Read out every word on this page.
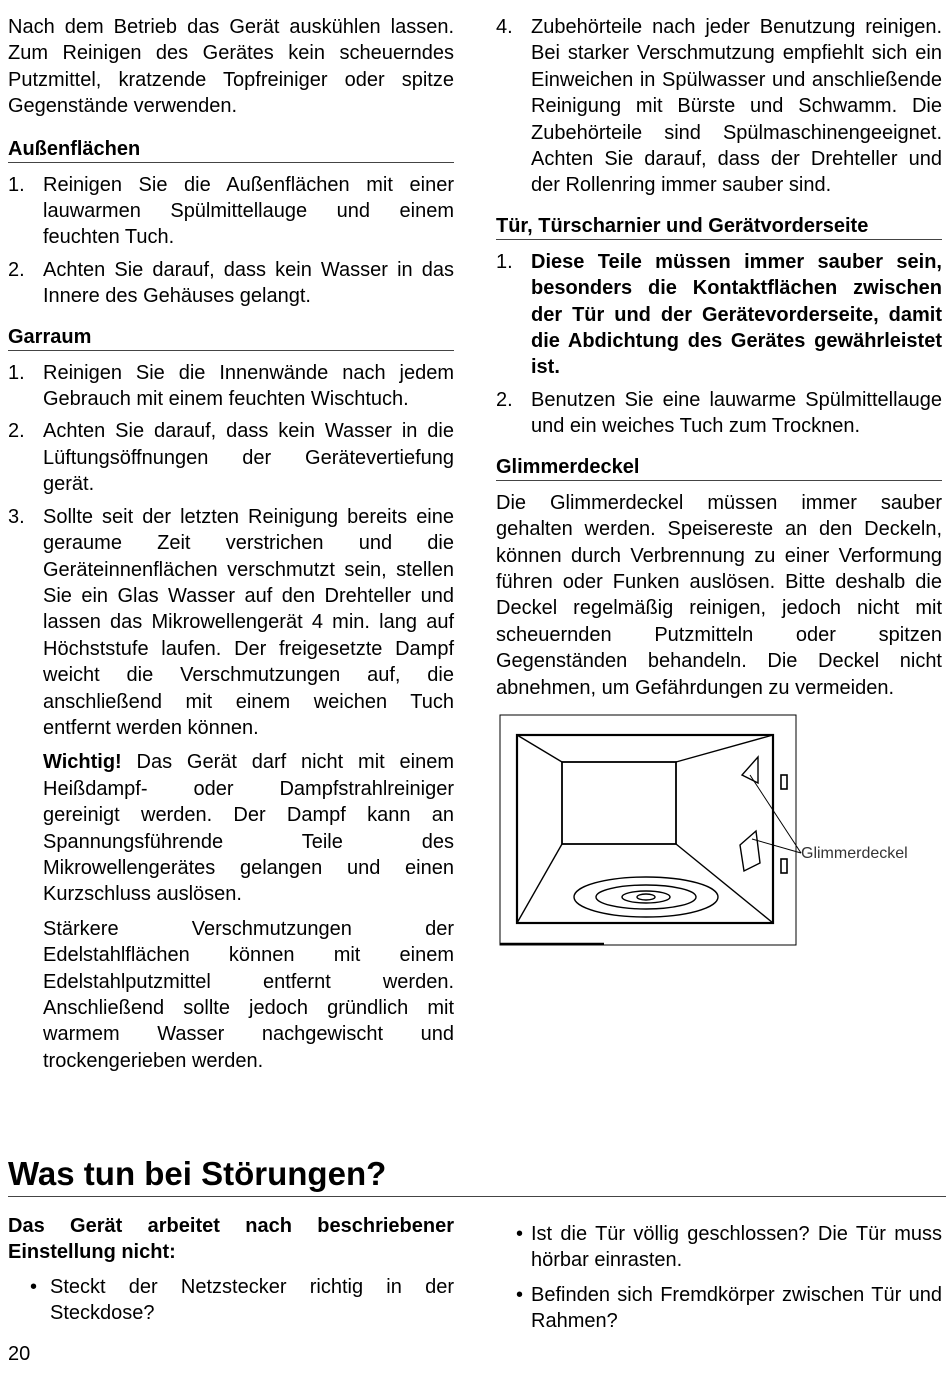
Nach dem Betrieb das Gerät auskühlen lassen. Zum Reinigen des Gerätes kein scheuerndes Putzmittel, kratzende Topfreiniger oder spitze Gegenstände verwenden.

Außenflächen
1. Reinigen Sie die Außenflächen mit einer lauwarmen Spülmittellauge und einem feuchten Tuch.
2. Achten Sie darauf, dass kein Wasser in das Innere des Gehäuses gelangt.
Garraum
1. Reinigen Sie die Innenwände nach jedem Gebrauch mit einem feuchten Wischtuch.
2. Achten Sie darauf, dass kein Wasser in die Lüftungsöffnungen der Gerätevertiefung gerät.
3. Sollte seit der letzten Reinigung bereits eine geraume Zeit verstrichen und die Geräteinnenflächen verschmutzt sein, stellen Sie ein Glas Wasser auf den Drehteller und lassen das Mikrowellengerät 4 min. lang auf Höchststufe laufen. Der freigesetzte Dampf weicht die Verschmutzungen auf, die anschließend mit einem weichen Tuch entfernt werden können.

Wichtig! Das Gerät darf nicht mit einem Heißdampf- oder Dampfstrahlreiniger gereinigt werden. Der Dampf kann an Spannungsführende Teile des Mikrowellengerätes gelangen und einen Kurzschluss auslösen.

Stärkere Verschmutzungen der Edelstahlflächen können mit einem Edelstahlputzmittel entfernt werden. Anschließend sollte jedoch gründlich mit warmem Wasser nachgewischt und trockengerieben werden.

4. Zubehörteile nach jeder Benutzung reinigen. Bei starker Verschmutzung empfiehlt sich ein Einweichen in Spülwasser und anschließende Reinigung mit Bürste und Schwamm. Die Zubehörteile sind Spülmaschinengeeignet. Achten Sie darauf, dass der Drehteller und der Rollenring immer sauber sind.
Tür, Türscharnier und Gerätvorderseite
1. Diese Teile müssen immer sauber sein, besonders die Kontaktflächen zwischen der Tür und der Gerätevorderseite, damit die Abdichtung des Gerätes gewährleistet ist.
2. Benutzen Sie eine lauwarme Spülmittellauge und ein weiches Tuch zum Trocknen.
Glimmerdeckel

Die Glimmerdeckel müssen immer sauber gehalten werden. Speisereste an den Deckeln, können durch Verbrennung zu einer Verformung führen oder Funken auslösen. Bitte deshalb die Deckel regelmäßig reinigen, jedoch nicht mit scheuernden Putzmitteln oder spitzen Gegenständen behandeln. Die Deckel nicht abnehmen, um Gefährdungen zu vermeiden.

Glimmerdeckel
Was tun bei Störungen?

Das Gerät arbeitet nach beschriebener Einstellung nicht:

• Steckt der Netzstecker richtig in der Steckdose?
• Ist die Tür völlig geschlossen? Die Tür muss hörbar einrasten.
• Befinden sich Fremdkörper zwischen Tür und Rahmen?
20
